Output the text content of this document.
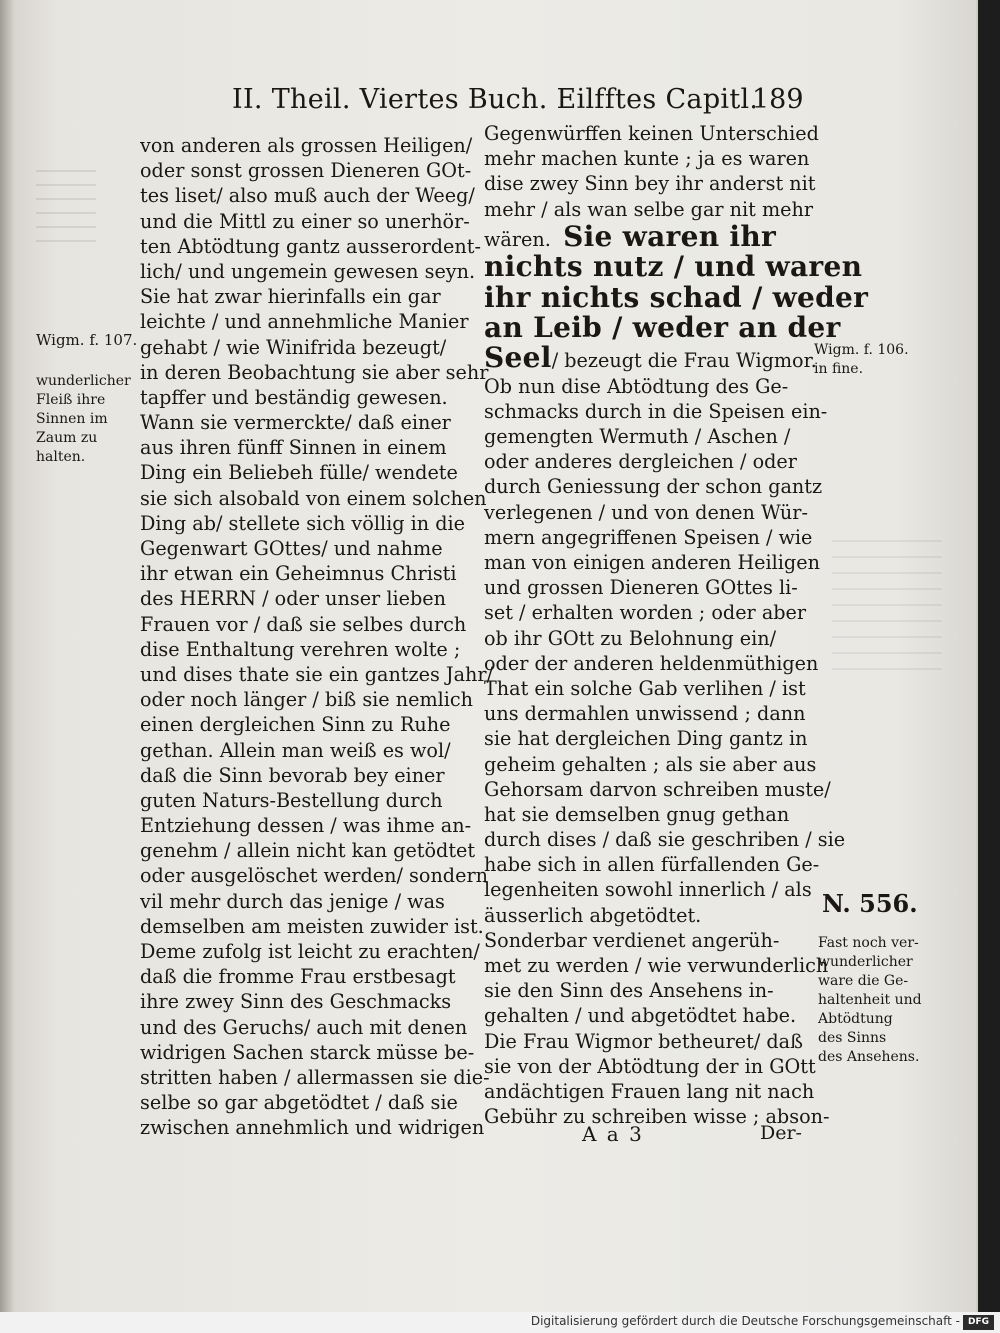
II. Theil. Viertes Buch. Eilfftes Capitl.
189
von anderen als grossen Heiligen/
oder sonst grossen Dieneren GOt-
tes liset/ also muß auch der Weeg/
und die Mittl zu einer so unerhör-
ten Abtödtung gantz ausserordent-
lich/ und ungemein gewesen seyn.
Sie hat zwar hierinfalls ein gar
leichte / und annehmliche Manier
gehabt / wie Winifrida bezeugt/
in deren Beobachtung sie aber sehr
tapffer und beständig gewesen.
Wann sie vermerckte/ daß einer
aus ihren fünff Sinnen in einem
Ding ein Beliebeh fülle/ wendete
sie sich alsobald von einem solchen
Ding ab/ stellete sich völlig in die
Gegenwart GOttes/ und nahme
ihr etwan ein Geheimnus Christi
des HERRN / oder unser lieben
Frauen vor / daß sie selbes durch
dise Enthaltung verehren wolte ;
und dises thate sie ein gantzes Jahr/
oder noch länger / biß sie nemlich
einen dergleichen Sinn zu Ruhe
gethan. Allein man weiß es wol/
daß die Sinn bevorab bey einer
guten Naturs-Bestellung durch
Entziehung dessen / was ihme an-
genehm / allein nicht kan getödtet
oder ausgelöschet werden/ sondern
vil mehr durch das jenige / was
demselben am meisten zuwider ist.
Deme zufolg ist leicht zu erachten/
daß die fromme Frau erstbesagt
ihre zwey Sinn des Geschmacks
und des Geruchs/ auch mit denen
widrigen Sachen starck müsse be-
stritten haben / allermassen sie die-
selbe so gar abgetödtet / daß sie
zwischen annehmlich und widrigen
Gegenwürffen keinen Unterschied
mehr machen kunte ; ja es waren
dise zwey Sinn bey ihr anderst nit
mehr / als wan selbe gar nit mehr
wären. Sie waren ihr
nichts nutz / und waren
ihr nichts schad / weder
an Leib / weder an der
Seel/ bezeugt die Frau Wigmor.
Ob nun dise Abtödtung des Ge-
schmacks durch in die Speisen ein-
gemengten Wermuth / Aschen /
oder anderes dergleichen / oder
durch Geniessung der schon gantz
verlegenen / und von denen Wür-
mern angegriffenen Speisen / wie
man von einigen anderen Heiligen
und grossen Dieneren GOttes li-
set / erhalten worden ; oder aber
ob ihr GOtt zu Belohnung ein/
oder der anderen heldenmüthigen
That ein solche Gab verlihen / ist
uns dermahlen unwissend ; dann
sie hat dergleichen Ding gantz in
geheim gehalten ; als sie aber aus
Gehorsam darvon schreiben muste/
hat sie demselben gnug gethan
durch dises / daß sie geschriben / sie
habe sich in allen fürfallenden Ge-
legenheiten sowohl innerlich / als
äusserlich abgetödtet.
Sonderbar verdienet angerüh-
met zu werden / wie verwunderlich
sie den Sinn des Ansehens in-
gehalten / und abgetödtet habe.
Die Frau Wigmor betheuret/ daß
sie von der Abtödtung der in GOtt
andächtigen Frauen lang nit nach
Gebühr zu schreiben wisse ; abson-
Wigm. f. 107.
wunderlicher
Fleiß ihre
Sinnen im
Zaum zu
halten.
Wigm. f. 106.
in fine.
N. 556.
Fast noch ver-
wunderlicher
ware die Ge-
haltenheit und
Abtödtung
des Sinns
des Ansehens.
A a 3	Der-
Digitalisierung gefördert durch die Deutsche Forschungsgemeinschaft - DFG
